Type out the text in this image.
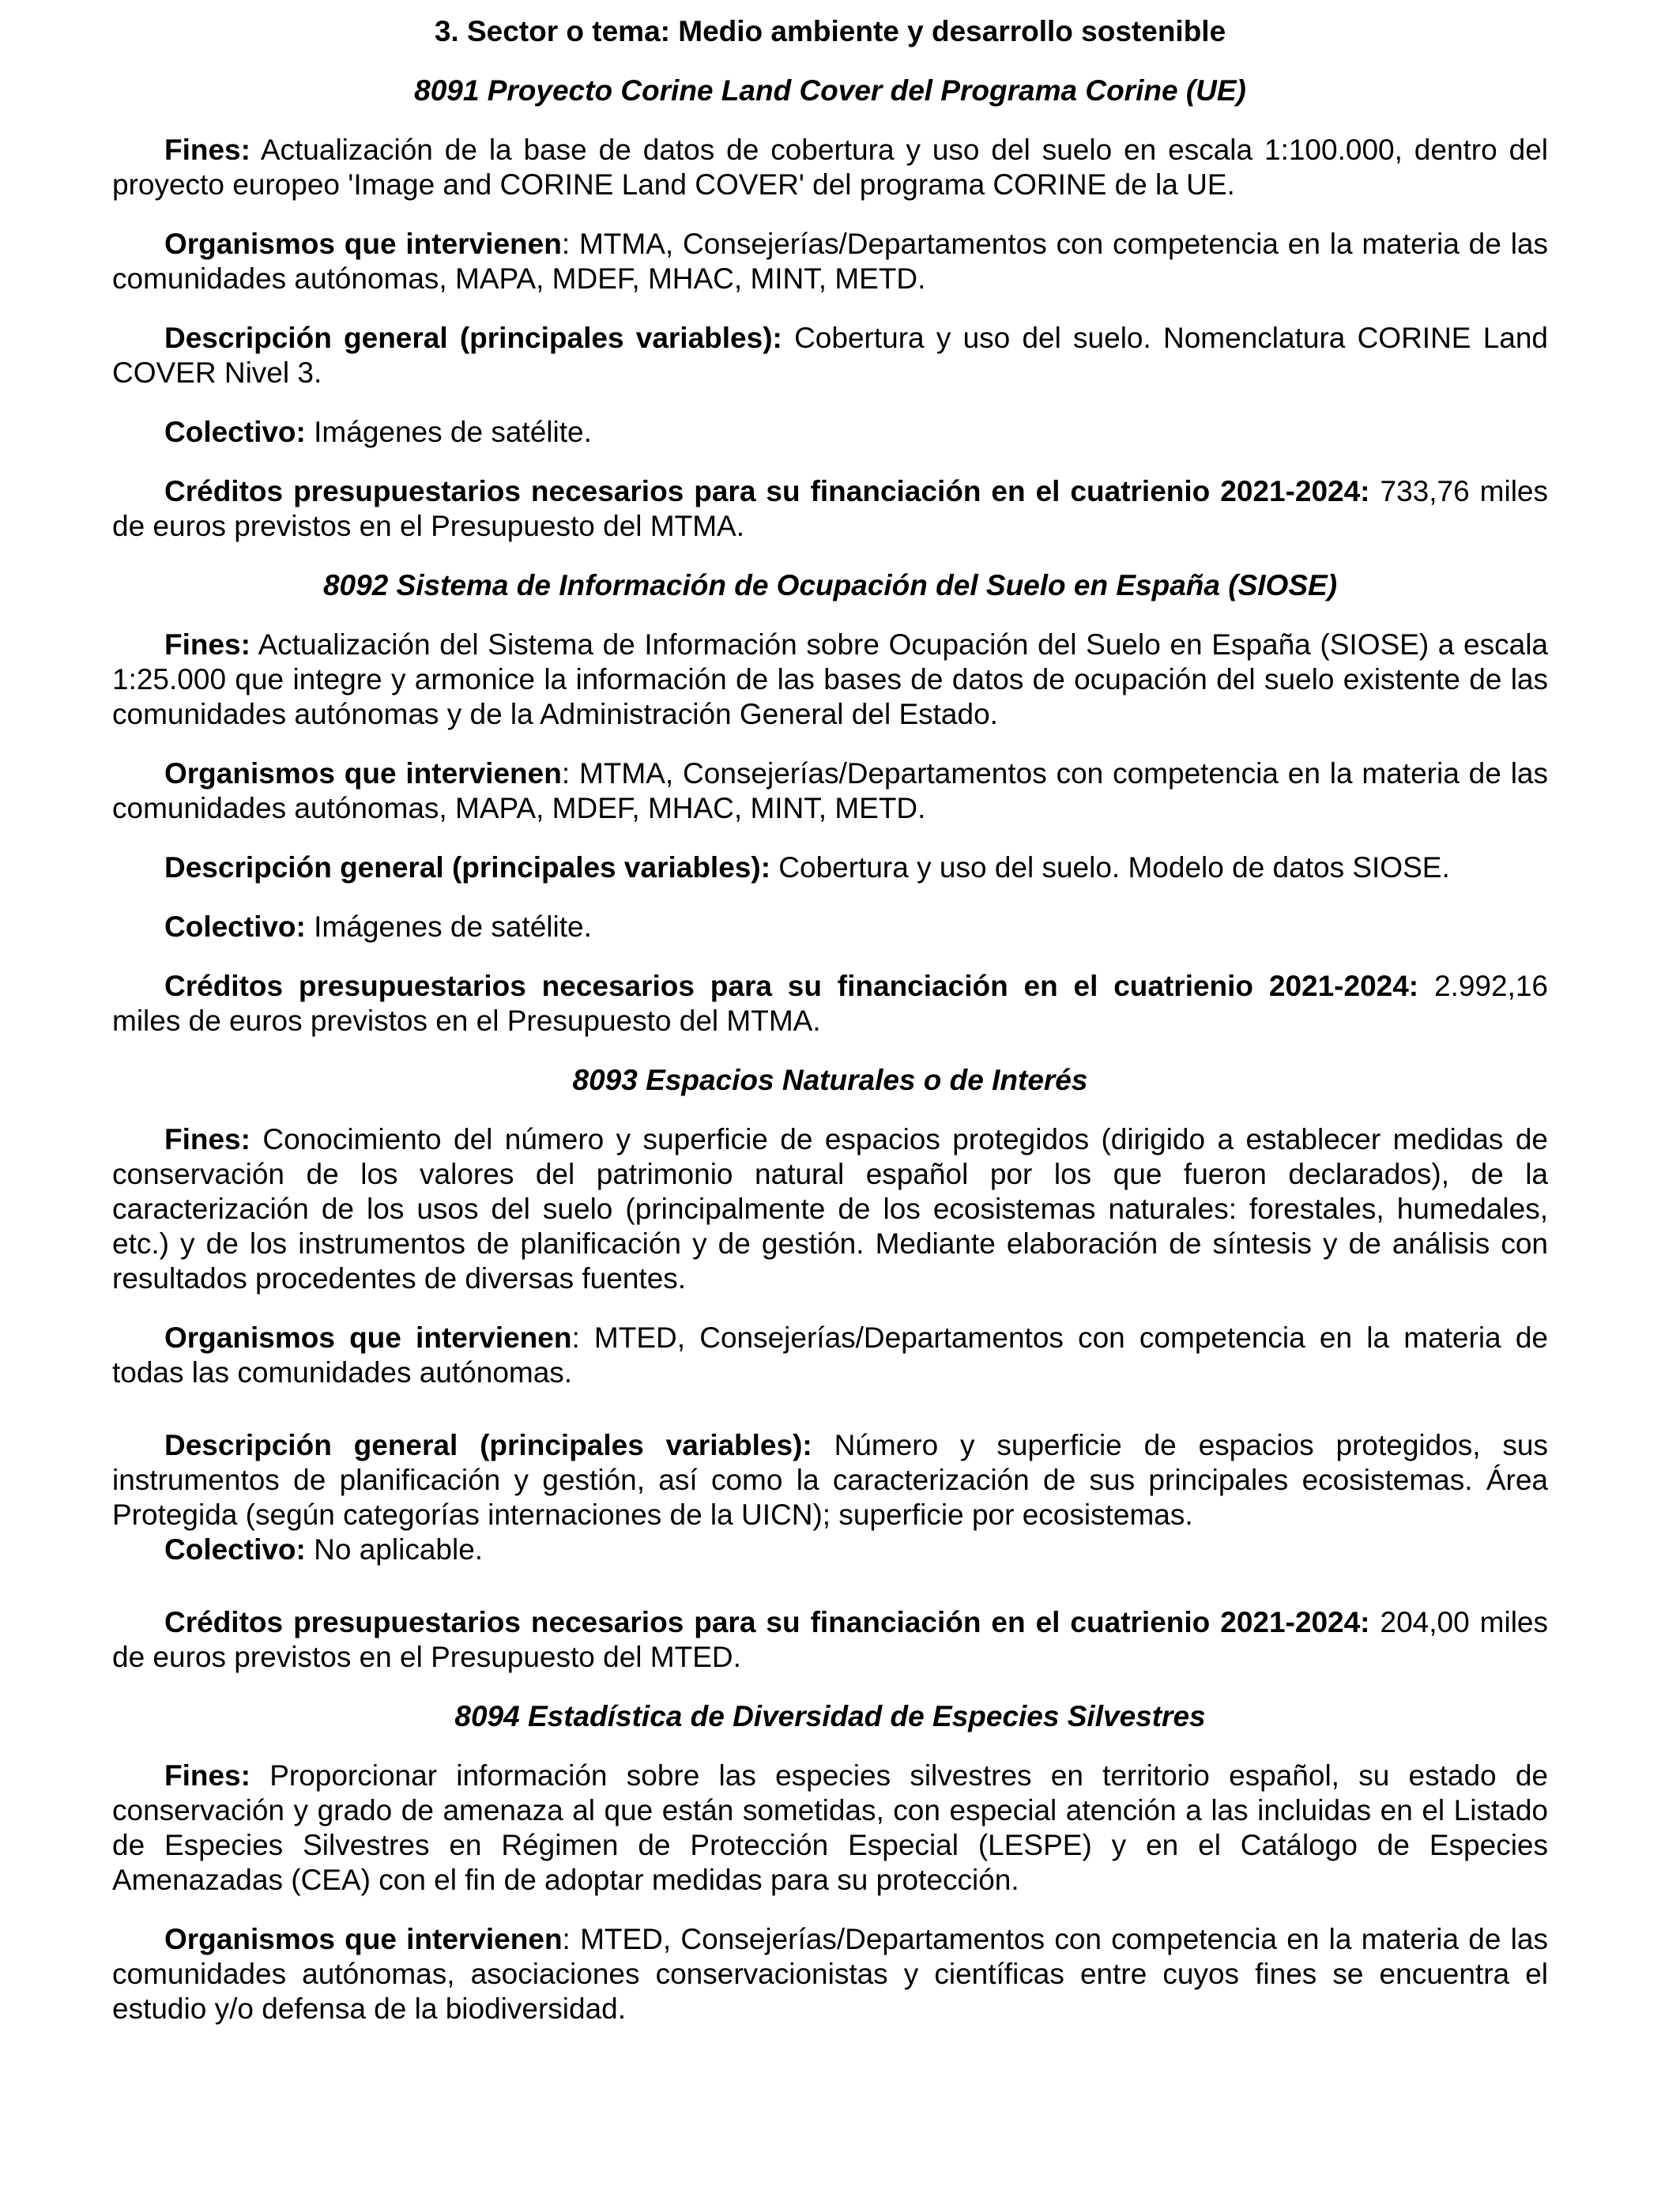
3. Sector o tema: Medio ambiente y desarrollo sostenible
8091 Proyecto Corine Land Cover del Programa Corine (UE)

Fines: Actualización de la base de datos de cobertura y uso del suelo en escala 1:100.000, dentro del proyecto europeo 'Image and CORINE Land COVER' del programa CORINE de la UE.

Organismos que intervienen: MTMA, Consejerías/Departamentos con competencia en la materia de las comunidades autónomas, MAPA, MDEF, MHAC, MINT, METD.

Descripción general (principales variables): Cobertura y uso del suelo. Nomenclatura CORINE Land COVER Nivel 3.

Colectivo: Imágenes de satélite.

Créditos presupuestarios necesarios para su financiación en el cuatrienio 2021-2024: 733,76 miles de euros previstos en el Presupuesto del MTMA.

8092 Sistema de Información de Ocupación del Suelo en España (SIOSE)

Fines: Actualización del Sistema de Información sobre Ocupación del Suelo en España (SIOSE) a escala 1:25.000 que integre y armonice la información de las bases de datos de ocupación del suelo existente de las comunidades autónomas y de la Administración General del Estado.

Organismos que intervienen: MTMA, Consejerías/Departamentos con competencia en la materia de las comunidades autónomas, MAPA, MDEF, MHAC, MINT, METD.

Descripción general (principales variables): Cobertura y uso del suelo. Modelo de datos SIOSE.

Colectivo: Imágenes de satélite.

Créditos presupuestarios necesarios para su financiación en el cuatrienio 2021-2024: 2.992,16 miles de euros previstos en el Presupuesto del MTMA.

8093 Espacios Naturales o de Interés

Fines: Conocimiento del número y superficie de espacios protegidos (dirigido a establecer medidas de conservación de los valores del patrimonio natural español por los que fueron declarados), de la caracterización de los usos del suelo (principalmente de los ecosistemas naturales: forestales, humedales, etc.) y de los instrumentos de planificación y de gestión. Mediante elaboración de síntesis y de análisis con resultados procedentes de diversas fuentes.

Organismos que intervienen: MTED, Consejerías/Departamentos con competencia en la materia de todas las comunidades autónomas.

Descripción general (principales variables): Número y superficie de espacios protegidos, sus instrumentos de planificación y gestión, así como la caracterización de sus principales ecosistemas. Área Protegida (según categorías internaciones de la UICN); superficie por ecosistemas.

Colectivo: No aplicable.

Créditos presupuestarios necesarios para su financiación en el cuatrienio 2021-2024: 204,00 miles de euros previstos en el Presupuesto del MTED.

8094 Estadística de Diversidad de Especies Silvestres

Fines: Proporcionar información sobre las especies silvestres en territorio español, su estado de conservación y grado de amenaza al que están sometidas, con especial atención a las incluidas en el Listado de Especies Silvestres en Régimen de Protección Especial (LESPE) y en el Catálogo de Especies Amenazadas (CEA) con el fin de adoptar medidas para su protección.

Organismos que intervienen: MTED, Consejerías/Departamentos con competencia en la materia de las comunidades autónomas, asociaciones conservacionistas y científicas entre cuyos fines se encuentra el estudio y/o defensa de la biodiversidad.
